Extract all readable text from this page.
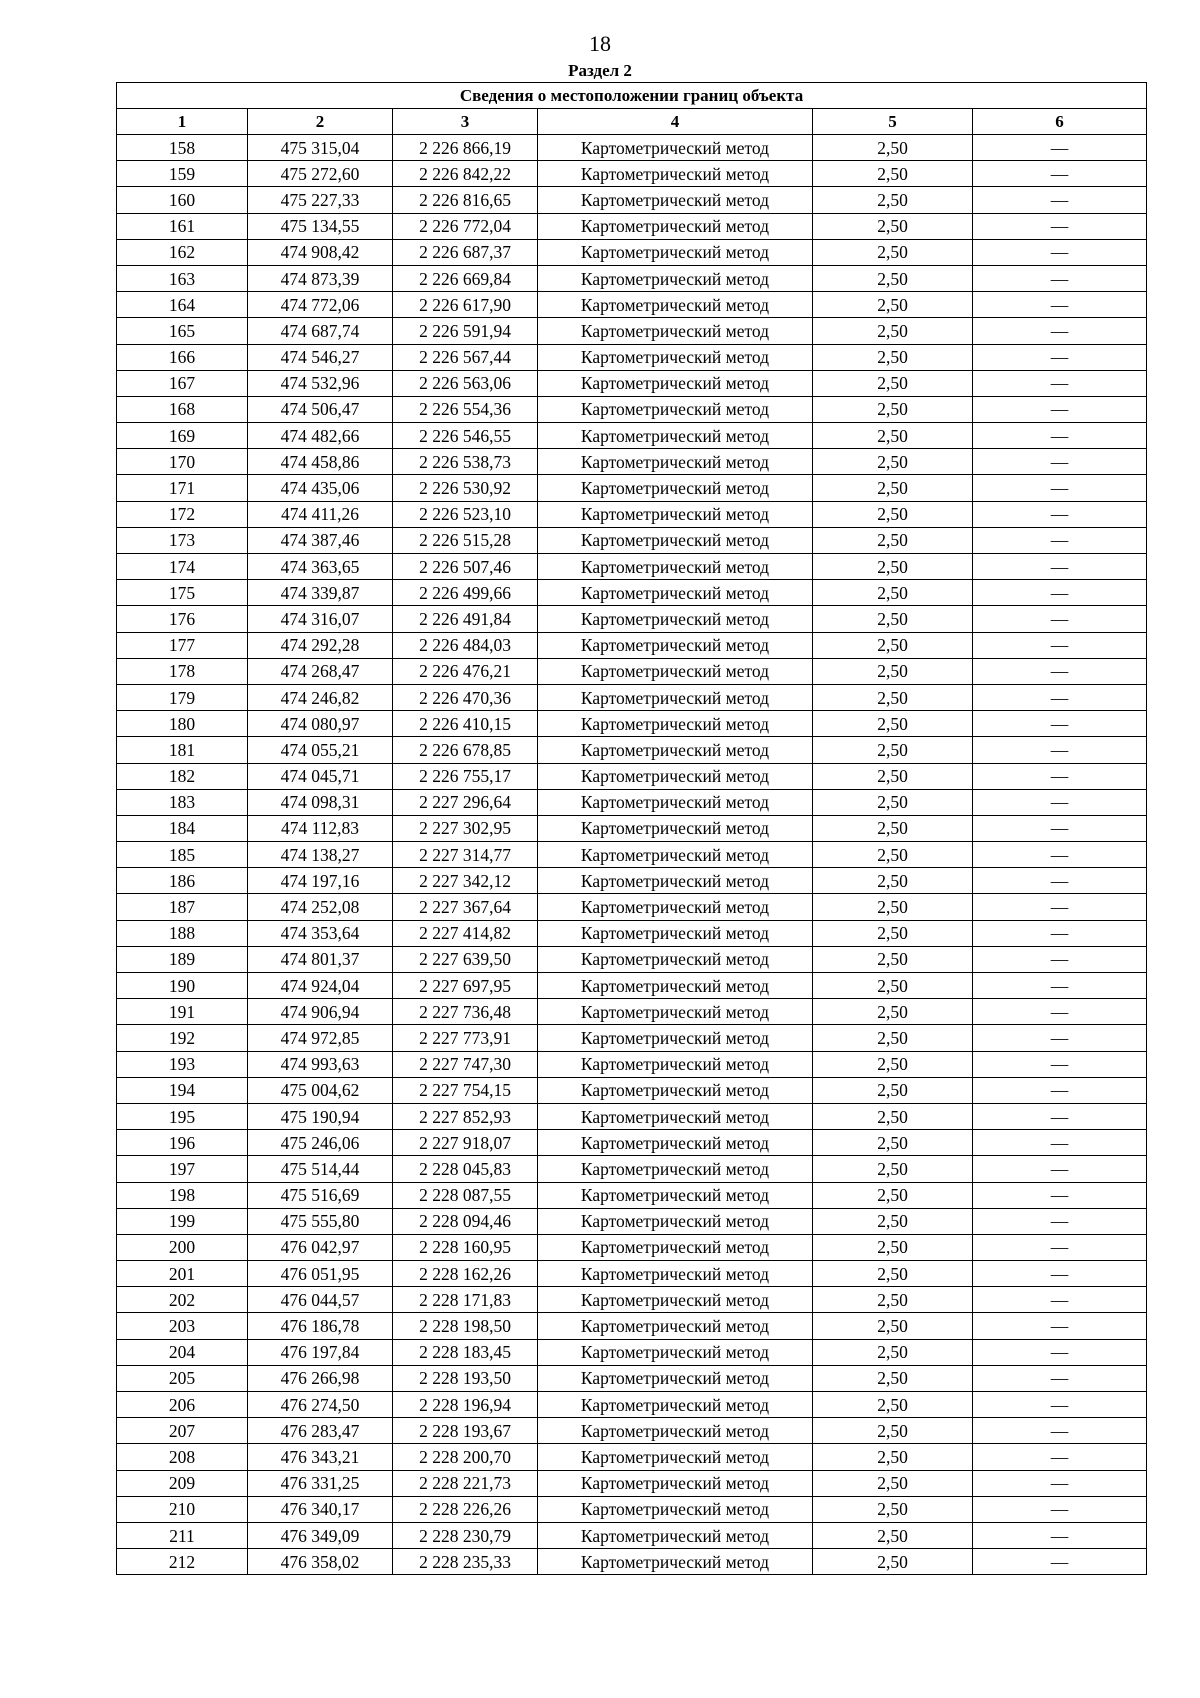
18
Раздел 2
Сведения о местоположении границ объекта					
1	2	3	4	5	6
158	475 315,04	2 226 866,19	Картометрический метод	2,50	—
159	475 272,60	2 226 842,22	Картометрический метод	2,50	—
160	475 227,33	2 226 816,65	Картометрический метод	2,50	—
161	475 134,55	2 226 772,04	Картометрический метод	2,50	—
162	474 908,42	2 226 687,37	Картометрический метод	2,50	—
163	474 873,39	2 226 669,84	Картометрический метод	2,50	—
164	474 772,06	2 226 617,90	Картометрический метод	2,50	—
165	474 687,74	2 226 591,94	Картометрический метод	2,50	—
166	474 546,27	2 226 567,44	Картометрический метод	2,50	—
167	474 532,96	2 226 563,06	Картометрический метод	2,50	—
168	474 506,47	2 226 554,36	Картометрический метод	2,50	—
169	474 482,66	2 226 546,55	Картометрический метод	2,50	—
170	474 458,86	2 226 538,73	Картометрический метод	2,50	—
171	474 435,06	2 226 530,92	Картометрический метод	2,50	—
172	474 411,26	2 226 523,10	Картометрический метод	2,50	—
173	474 387,46	2 226 515,28	Картометрический метод	2,50	—
174	474 363,65	2 226 507,46	Картометрический метод	2,50	—
175	474 339,87	2 226 499,66	Картометрический метод	2,50	—
176	474 316,07	2 226 491,84	Картометрический метод	2,50	—
177	474 292,28	2 226 484,03	Картометрический метод	2,50	—
178	474 268,47	2 226 476,21	Картометрический метод	2,50	—
179	474 246,82	2 226 470,36	Картометрический метод	2,50	—
180	474 080,97	2 226 410,15	Картометрический метод	2,50	—
181	474 055,21	2 226 678,85	Картометрический метод	2,50	—
182	474 045,71	2 226 755,17	Картометрический метод	2,50	—
183	474 098,31	2 227 296,64	Картометрический метод	2,50	—
184	474 112,83	2 227 302,95	Картометрический метод	2,50	—
185	474 138,27	2 227 314,77	Картометрический метод	2,50	—
186	474 197,16	2 227 342,12	Картометрический метод	2,50	—
187	474 252,08	2 227 367,64	Картометрический метод	2,50	—
188	474 353,64	2 227 414,82	Картометрический метод	2,50	—
189	474 801,37	2 227 639,50	Картометрический метод	2,50	—
190	474 924,04	2 227 697,95	Картометрический метод	2,50	—
191	474 906,94	2 227 736,48	Картометрический метод	2,50	—
192	474 972,85	2 227 773,91	Картометрический метод	2,50	—
193	474 993,63	2 227 747,30	Картометрический метод	2,50	—
194	475 004,62	2 227 754,15	Картометрический метод	2,50	—
195	475 190,94	2 227 852,93	Картометрический метод	2,50	—
196	475 246,06	2 227 918,07	Картометрический метод	2,50	—
197	475 514,44	2 228 045,83	Картометрический метод	2,50	—
198	475 516,69	2 228 087,55	Картометрический метод	2,50	—
199	475 555,80	2 228 094,46	Картометрический метод	2,50	—
200	476 042,97	2 228 160,95	Картометрический метод	2,50	—
201	476 051,95	2 228 162,26	Картометрический метод	2,50	—
202	476 044,57	2 228 171,83	Картометрический метод	2,50	—
203	476 186,78	2 228 198,50	Картометрический метод	2,50	—
204	476 197,84	2 228 183,45	Картометрический метод	2,50	—
205	476 266,98	2 228 193,50	Картометрический метод	2,50	—
206	476 274,50	2 228 196,94	Картометрический метод	2,50	—
207	476 283,47	2 228 193,67	Картометрический метод	2,50	—
208	476 343,21	2 228 200,70	Картометрический метод	2,50	—
209	476 331,25	2 228 221,73	Картометрический метод	2,50	—
210	476 340,17	2 228 226,26	Картометрический метод	2,50	—
211	476 349,09	2 228 230,79	Картометрический метод	2,50	—
212	476 358,02	2 228 235,33	Картометрический метод	2,50	—
